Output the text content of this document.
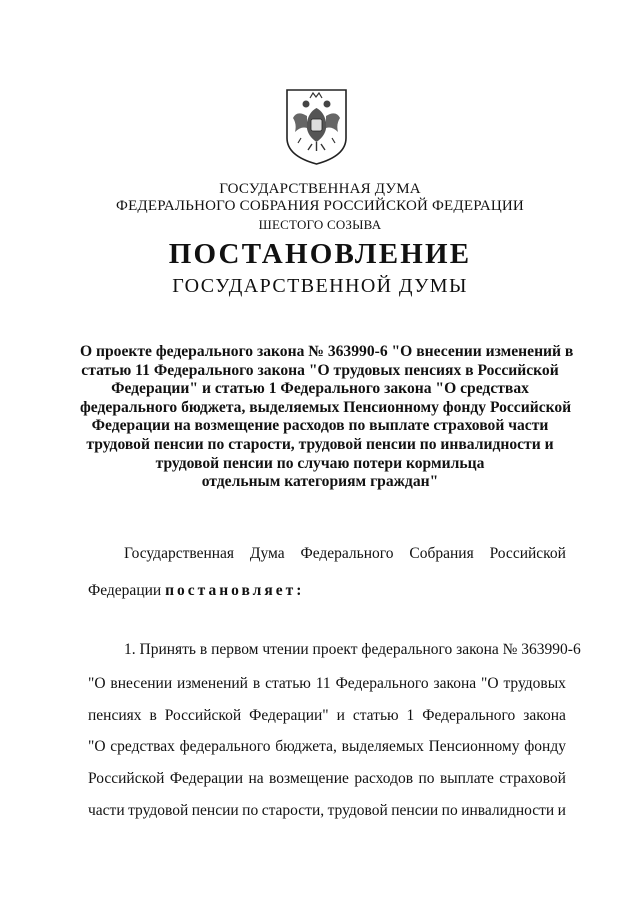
ГОСУДАРСТВЕННАЯ ДУМА
ФЕДЕРАЛЬНОГО СОБРАНИЯ РОССИЙСКОЙ ФЕДЕРАЦИИ
ШЕСТОГО СОЗЫВА
ПОСТАНОВЛЕНИЕ
ГОСУДАРСТВЕННОЙ ДУМЫ
О проекте федерального закона № 363990-6 "О внесении изменений в
статью 11 Федерального закона "О трудовых пенсиях в Российской
Федерации" и статью 1 Федерального закона "О средствах
федерального бюджета, выделяемых Пенсионному фонду Российской
Федерации на возмещение расходов по выплате страховой части
трудовой пенсии по старости, трудовой пенсии по инвалидности и
трудовой пенсии по случаю потери кормильца
отдельным категориям граждан"
Государственная Дума Федерального Собрания Российской
Федерации постановляет:
1. Принять в первом чтении проект федерального закона № 363990-6
"О внесении изменений в статью 11 Федерального закона "О трудовых
пенсиях в Российской Федерации" и статью 1 Федерального закона
"О средствах федерального бюджета, выделяемых Пенсионному фонду
Российской Федерации на возмещение расходов по выплате страховой
части трудовой пенсии по старости, трудовой пенсии по инвалидности и
